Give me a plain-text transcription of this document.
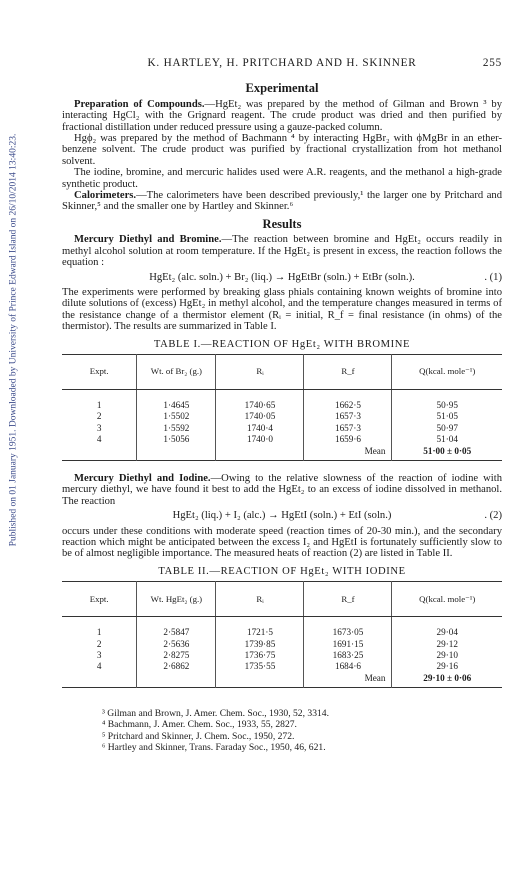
Published on 01 January 1951. Downloaded by University of Prince Edward Island on 26/10/2014 13:40:23.
K. HARTLEY, H. PRITCHARD AND H. SKINNER	255
Experimental

Preparation of Compounds.—HgEt₂ was prepared by the method of Gilman and Brown ³ by interacting HgCl₂ with the Grignard reagent. The crude product was dried and then purified by fractional distillation under reduced pressure using a gauze-packed column.

Hgϕ₂ was prepared by the method of Bachmann ⁴ by interacting HgBr₂ with ϕMgBr in an ether-benzene solvent. The crude product was purified by fractional crystallization from hot methanol solvent.

The iodine, bromine, and mercuric halides used were A.R. reagents, and the methanol a high-grade synthetic product.

Calorimeters.—The calorimeters have been described previously,¹ the larger one by Pritchard and Skinner,⁵ and the smaller one by Hartley and Skinner.⁶

Results

Mercury Diethyl and Bromine.—The reaction between bromine and HgEt₂ occurs readily in methyl alcohol solution at room temperature. If the HgEt₂ is present in excess, the reaction follows the equation :

HgEt₂ (alc. soln.) + Br₂ (liq.) → HgEtBr (soln.) + EtBr (soln.).	. (1)

The experiments were performed by breaking glass phials containing known weights of bromine into dilute solutions of (excess) HgEt₂ in methyl alcohol, and the temperature changes measured in terms of the resistance change of a thermistor element (Rᵢ = initial, R_f = final resistance (in ohms) of the thermistor). The results are summarized in Table I.

TABLE I.—REACTION OF HgEt₂ WITH BROMINE
Expt.	Wt. of Br₂ (g.)	Rᵢ	R_f	Q(kcal. mole⁻¹)
1	1·4645	1740·65	1662·5	50·95
2	1·5502	1740·05	1657·3	51·05
3	1·5592	1740·4	1657·3	50·97
4	1·5056	1740·0	1659·6	51·04
			Mean	51·00 ± 0·05

Mercury Diethyl and Iodine.—Owing to the relative slowness of the reaction of iodine with mercury diethyl, we have found it best to add the HgEt₂ to an excess of iodine dissolved in methanol. The reaction

HgEt₂ (liq.) + I₂ (alc.) → HgEtI (soln.) + EtI (soln.)	. (2)

occurs under these conditions with moderate speed (reaction times of 20-30 min.), and the secondary reaction which might be anticipated between the excess I₂ and HgEtI is fortunately sufficiently slow to be of almost negligible importance. The measured heats of reaction (2) are listed in Table II.

TABLE II.—REACTION OF HgEt₂ WITH IODINE
Expt.	Wt. HgEt₂ (g.)	Rᵢ	R_f	Q(kcal. mole⁻¹)
1	2·5847	1721·5	1673·05	29·04
2	2·5636	1739·85	1691·15	29·12
3	2·8275	1736·75	1683·25	29·10
4	2·6862	1735·55	1684·6	29·16
			Mean	29·10 ± 0·06
³ Gilman and Brown, J. Amer. Chem. Soc., 1930, 52, 3314.
⁴ Bachmann, J. Amer. Chem. Soc., 1933, 55, 2827.
⁵ Pritchard and Skinner, J. Chem. Soc., 1950, 272.
⁶ Hartley and Skinner, Trans. Faraday Soc., 1950, 46, 621.
